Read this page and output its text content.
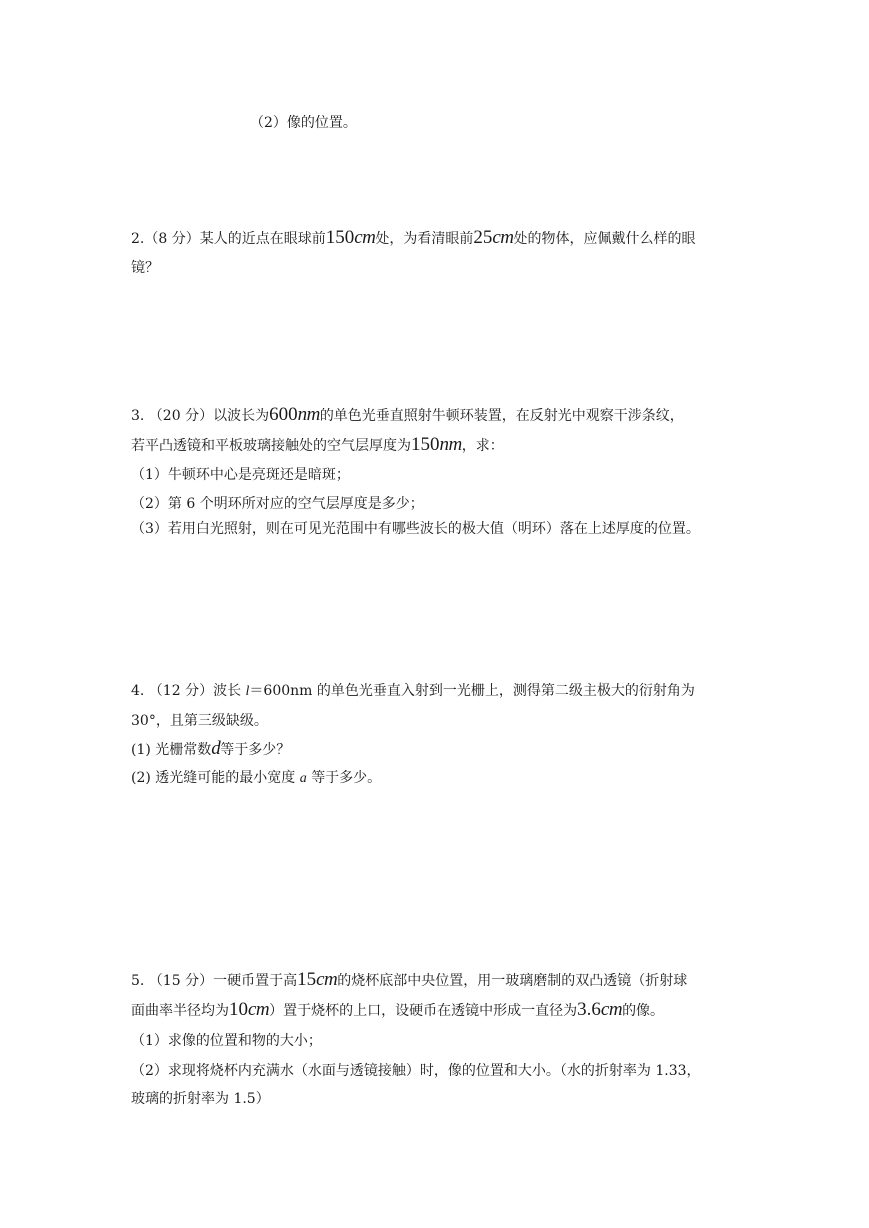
（2）像的位置。
2.（8 分）某人的近点在眼球前150cm处，为看清眼前25cm处的物体，应佩戴什么样的眼
镜？
3. （20 分）以波长为600nm的单色光垂直照射牛顿环装置，在反射光中观察干涉条纹，
若平凸透镜和平板玻璃接触处的空气层厚度为150nm，求：
（1）牛顿环中心是亮斑还是暗斑；
（2）第 6 个明环所对应的空气层厚度是多少；
（3）若用白光照射，则在可见光范围中有哪些波长的极大值（明环）落在上述厚度的位置。
4. （12 分）波长 l＝600nm 的单色光垂直入射到一光栅上，测得第二级主极大的衍射角为
30°，且第三级缺级。
(1) 光栅常数d等于多少？
(2) 透光缝可能的最小宽度 a 等于多少。
5. （15 分）一硬币置于高15cm的烧杯底部中央位置，用一玻璃磨制的双凸透镜（折射球
面曲率半径均为10cm）置于烧杯的上口，设硬币在透镜中形成一直径为3.6cm的像。
（1）求像的位置和物的大小；
（2）求现将烧杯内充满水（水面与透镜接触）时，像的位置和大小。（水的折射率为 1.33，
玻璃的折射率为 1.5）
